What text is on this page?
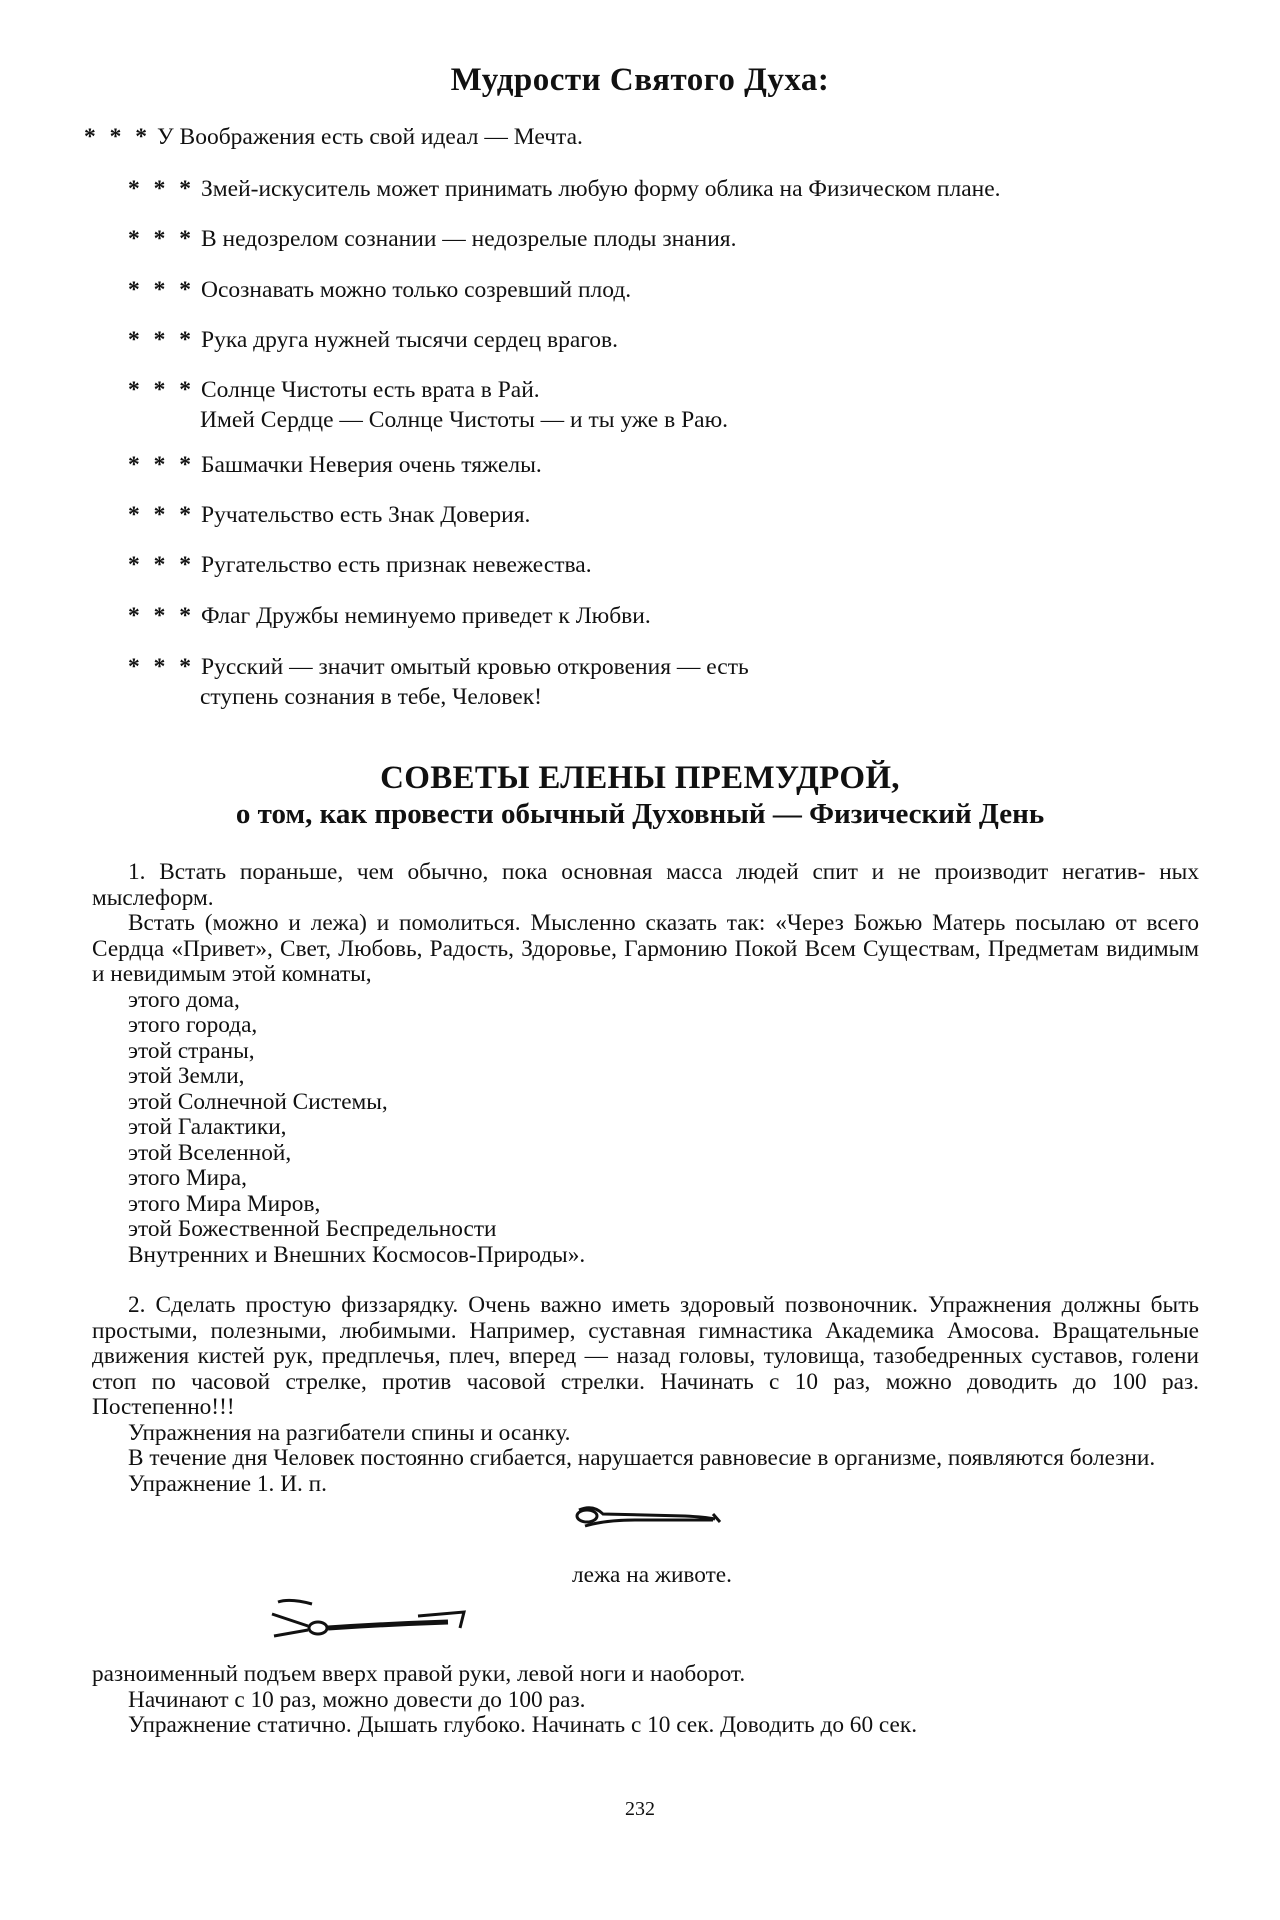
Мудрости Святого Духа:
* * * У Воображения есть свой идеал — Мечта.
* * * Змей-искуситель может принимать любую форму облика на Физическом плане.
* * * В недозрелом сознании — недозрелые плоды знания.
* * * Осознавать можно только созревший плод.
* * * Рука друга нужней тысячи сердец врагов.
* * * Солнце Чистоты есть врата в Рай.
Имей Сердце — Солнце Чистоты — и ты уже в Раю.
* * * Башмачки Неверия очень тяжелы.
* * * Ручательство есть Знак Доверия.
* * * Ругательство есть признак невежества.
* * * Флаг Дружбы неминуемо приведет к Любви.
* * * Русский — значит омытый кровью откровения — есть
ступень сознания в тебе, Человек!
СОВЕТЫ ЕЛЕНЫ ПРЕМУДРОЙ,
о том, как провести обычный Духовный — Физический День

1. Встать пораньше, чем обычно, пока основная масса людей спит и не производит негатив- ных мыслеформ.

Встать (можно и лежа) и помолиться. Мысленно сказать так: «Через Божью Матерь посылаю от всего Сердца «Привет», Свет, Любовь, Радость, Здоровье, Гармонию Покой Всем Существам, Предметам видимым и невидимым этой комнаты,

этого дома,

этого города,

этой страны,

этой Земли,

этой Солнечной Системы,

этой Галактики,

этой Вселенной,

этого Мира,

этого Мира Миров,

этой Божественной Беспредельности

Внутренних и Внешних Космосов-Природы».

2. Сделать простую физзарядку. Очень важно иметь здоровый позвоночник. Упражнения должны быть простыми, полезными, любимыми. Например, суставная гимнастика Академика Амосова. Вращательные движения кистей рук, предплечья, плеч, вперед — назад головы, туловища, тазобедренных суставов, голени стоп по часовой стрелке, против часовой стрелки. Начинать с 10 раз, можно доводить до 100 раз. Постепенно!!!

Упражнения на разгибатели спины и осанку.

В течение дня Человек постоянно сгибается, нарушается равновесие в организме, появляются болезни.

Упражнение 1. И. п.

лежа на животе.

разноименный подъем вверх правой руки, левой ноги и наоборот.

Начинают с 10 раз, можно довести до 100 раз.

Упражнение статично. Дышать глубоко. Начинать с 10 сек. Доводить до 60 сек.

232
